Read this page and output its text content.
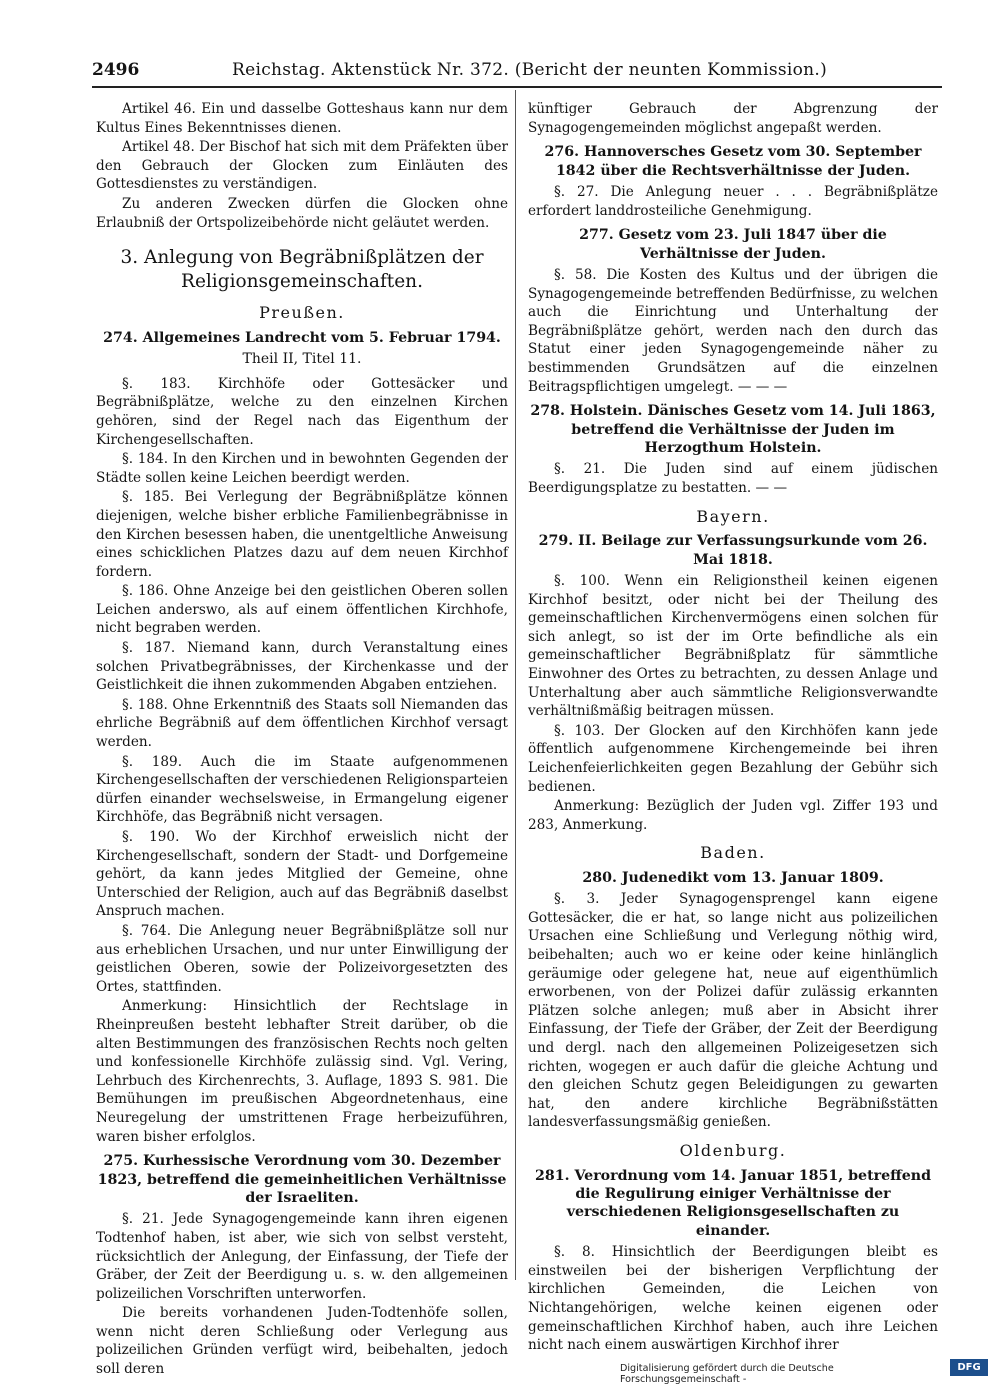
2496	Reichstag. Aktenstück Nr. 372. (Bericht der neunten Kommission.)

Artikel 46. Ein und dasselbe Gotteshaus kann nur dem Kultus Eines Bekenntnisses dienen.

Artikel 48. Der Bischof hat sich mit dem Präfekten über den Gebrauch der Glocken zum Einläuten des Gottesdienstes zu verständigen.

Zu anderen Zwecken dürfen die Glocken ohne Erlaubniß der Ortspolizeibehörde nicht geläutet werden.

3. Anlegung von Begräbnißplätzen der Religionsgemeinschaften.
Preußen.
274. Allgemeines Landrecht vom 5. Februar 1794.
Theil II, Titel 11.

§. 183. Kirchhöfe oder Gottesäcker und Begräbnißplätze, welche zu den einzelnen Kirchen gehören, sind der Regel nach das Eigenthum der Kirchengesellschaften.

§. 184. In den Kirchen und in bewohnten Gegenden der Städte sollen keine Leichen beerdigt werden.

§. 185. Bei Verlegung der Begräbnißplätze können diejenigen, welche bisher erbliche Familienbegräbnisse in den Kirchen besessen haben, die unentgeltliche Anweisung eines schicklichen Platzes dazu auf dem neuen Kirchhof fordern.

§. 186. Ohne Anzeige bei den geistlichen Oberen sollen Leichen anderswo, als auf einem öffentlichen Kirchhofe, nicht begraben werden.

§. 187. Niemand kann, durch Veranstaltung eines solchen Privatbegräbnisses, der Kirchenkasse und der Geistlichkeit die ihnen zukommenden Abgaben entziehen.

§. 188. Ohne Erkenntniß des Staats soll Niemanden das ehrliche Begräbniß auf dem öffentlichen Kirchhof versagt werden.

§. 189. Auch die im Staate aufgenommenen Kirchengesellschaften der verschiedenen Religionsparteien dürfen einander wechselsweise, in Ermangelung eigener Kirchhöfe, das Begräbniß nicht versagen.

§. 190. Wo der Kirchhof erweislich nicht der Kirchengesellschaft, sondern der Stadt- und Dorfgemeine gehört, da kann jedes Mitglied der Gemeine, ohne Unterschied der Religion, auch auf das Begräbniß daselbst Anspruch machen.

§. 764. Die Anlegung neuer Begräbnißplätze soll nur aus erheblichen Ursachen, und nur unter Einwilligung der geistlichen Oberen, sowie der Polizeivorgesetzten des Ortes, stattfinden.

Anmerkung: Hinsichtlich der Rechtslage in Rheinpreußen besteht lebhafter Streit darüber, ob die alten Bestimmungen des französischen Rechts noch gelten und konfessionelle Kirchhöfe zulässig sind. Vgl. Vering, Lehrbuch des Kirchenrechts, 3. Auflage, 1893 S. 981. Die Bemühungen im preußischen Abgeordnetenhaus, eine Neuregelung der umstrittenen Frage herbeizuführen, waren bisher erfolglos.

275. Kurhessische Verordnung vom 30. Dezember 1823, betreffend die gemeinheitlichen Verhältnisse der Israeliten.

§. 21. Jede Synagogengemeinde kann ihren eigenen Todtenhof haben, ist aber, wie sich von selbst versteht, rücksichtlich der Anlegung, der Einfassung, der Tiefe der Gräber, der Zeit der Beerdigung u. s. w. den allgemeinen polizeilichen Vorschriften unterworfen.

Die bereits vorhandenen Juden-Todtenhöfe sollen, wenn nicht deren Schließung oder Verlegung aus polizeilichen Gründen verfügt wird, beibehalten, jedoch soll deren

künftiger Gebrauch der Abgrenzung der Synagogengemeinden möglichst angepaßt werden.

276. Hannoversches Gesetz vom 30. September 1842 über die Rechtsverhältnisse der Juden.

§. 27. Die Anlegung neuer . . . Begräbnißplätze erfordert landdrosteiliche Genehmigung.

277. Gesetz vom 23. Juli 1847 über die Verhältnisse der Juden.

§. 58. Die Kosten des Kultus und der übrigen die Synagogengemeinde betreffenden Bedürfnisse, zu welchen auch die Einrichtung und Unterhaltung der Begräbnißplätze gehört, werden nach den durch das Statut einer jeden Synagogengemeinde näher zu bestimmenden Grundsätzen auf die einzelnen Beitragspflichtigen umgelegt. — — —

278. Holstein. Dänisches Gesetz vom 14. Juli 1863, betreffend die Verhältnisse der Juden im Herzogthum Holstein.

§. 21. Die Juden sind auf einem jüdischen Beerdigungsplatze zu bestatten. — —

Bayern.
279. II. Beilage zur Verfassungsurkunde vom 26. Mai 1818.

§. 100. Wenn ein Religionstheil keinen eigenen Kirchhof besitzt, oder nicht bei der Theilung des gemeinschaftlichen Kirchenvermögens einen solchen für sich anlegt, so ist der im Orte befindliche als ein gemeinschaftlicher Begräbnißplatz für sämmtliche Einwohner des Ortes zu betrachten, zu dessen Anlage und Unterhaltung aber auch sämmtliche Religionsverwandte verhältnißmäßig beitragen müssen.

§. 103. Der Glocken auf den Kirchhöfen kann jede öffentlich aufgenommene Kirchengemeinde bei ihren Leichenfeierlichkeiten gegen Bezahlung der Gebühr sich bedienen.

Anmerkung: Bezüglich der Juden vgl. Ziffer 193 und 283, Anmerkung.

Baden.
280. Judenedikt vom 13. Januar 1809.

§. 3. Jeder Synagogensprengel kann eigene Gottesäcker, die er hat, so lange nicht aus polizeilichen Ursachen eine Schließung und Verlegung nöthig wird, beibehalten; auch wo er keine oder keine hinlänglich geräumige oder gelegene hat, neue auf eigenthümlich erworbenen, von der Polizei dafür zulässig erkannten Plätzen solche anlegen; muß aber in Absicht ihrer Einfassung, der Tiefe der Gräber, der Zeit der Beerdigung und dergl. nach den allgemeinen Polizeigesetzen sich richten, wogegen er auch dafür die gleiche Achtung und den gleichen Schutz gegen Beleidigungen zu gewarten hat, den andere kirchliche Begräbnißstätten landesverfassungsmäßig genießen.

Oldenburg.
281. Verordnung vom 14. Januar 1851, betreffend die Regulirung einiger Verhältnisse der verschiedenen Religionsgesellschaften zu einander.

§. 8. Hinsichtlich der Beerdigungen bleibt es einstweilen bei der bisherigen Verpflichtung der kirchlichen Gemeinden, die Leichen von Nichtangehörigen, welche keinen eigenen oder gemeinschaftlichen Kirchhof haben, auch ihre Leichen nicht nach einem auswärtigen Kirchhof ihrer

Digitalisierung gefördert durch die Deutsche Forschungsgemeinschaft -
DFG
